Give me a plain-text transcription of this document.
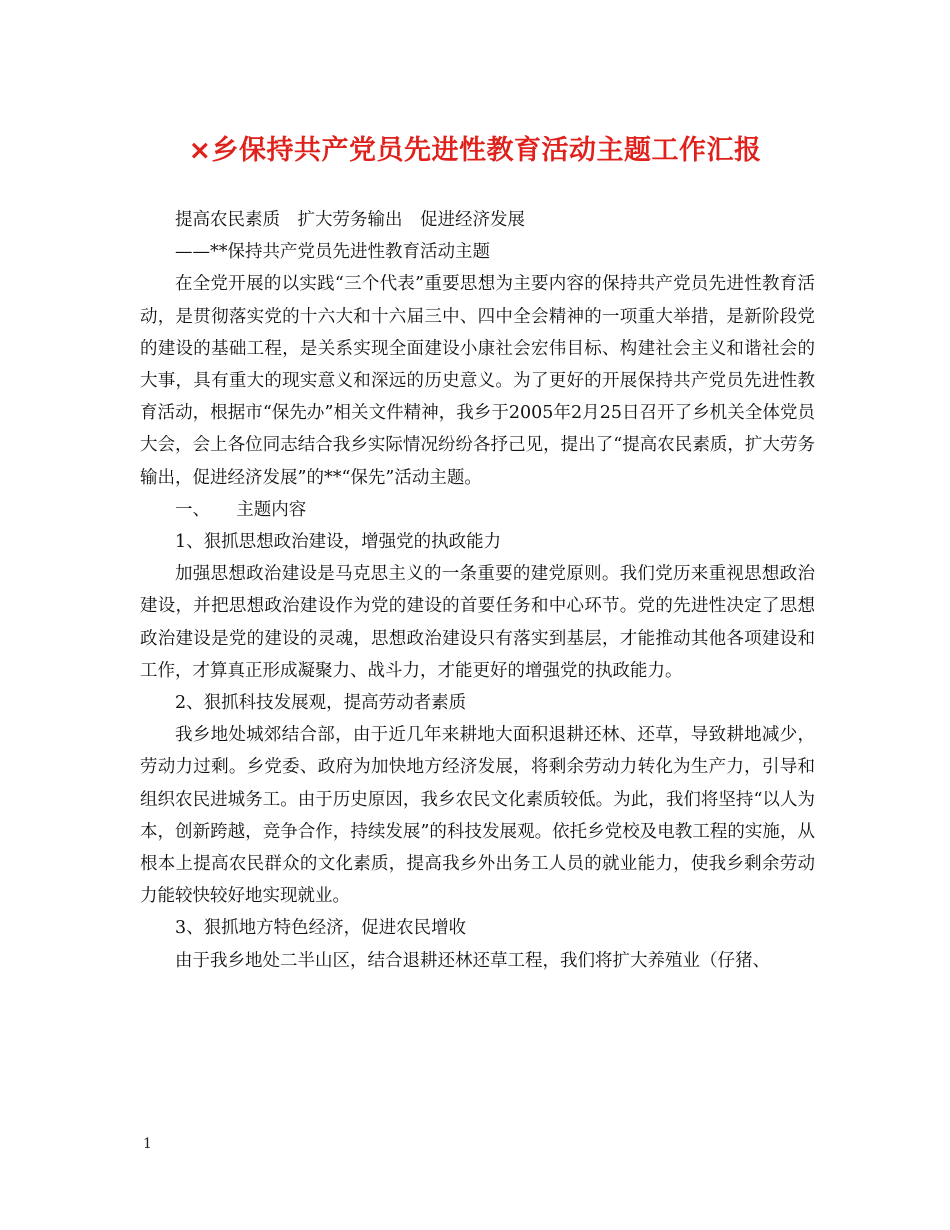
×乡保持共产党员先进性教育活动主题工作汇报

提高农民素质　扩大劳务输出　促进经济发展

——**保持共产党员先进性教育活动主题

在全党开展的以实践“三个代表”重要思想为主要内容的保持共产党员先进性教育活动，是贯彻落实党的十六大和十六届三中、四中全会精神的一项重大举措，是新阶段党的建设的基础工程，是关系实现全面建设小康社会宏伟目标、构建社会主义和谐社会的大事，具有重大的现实意义和深远的历史意义。为了更好的开展保持共产党员先进性教育活动，根据市“保先办”相关文件精神，我乡于2005年2月25日召开了乡机关全体党员大会，会上各位同志结合我乡实际情况纷纷各抒己见，提出了“提高农民素质，扩大劳务输出，促进经济发展”的**“保先”活动主题。

一、　　主题内容

1、狠抓思想政治建设，增强党的执政能力

加强思想政治建设是马克思主义的一条重要的建党原则。我们党历来重视思想政治建设，并把思想政治建设作为党的建设的首要任务和中心环节。党的先进性决定了思想政治建设是党的建设的灵魂，思想政治建设只有落实到基层，才能推动其他各项建设和工作，才算真正形成凝聚力、战斗力，才能更好的增强党的执政能力。

2、狠抓科技发展观，提高劳动者素质

我乡地处城郊结合部，由于近几年来耕地大面积退耕还林、还草，导致耕地减少，劳动力过剩。乡党委、政府为加快地方经济发展，将剩余劳动力转化为生产力，引导和组织农民进城务工。由于历史原因，我乡农民文化素质较低。为此，我们将坚持“以人为本，创新跨越，竞争合作，持续发展”的科技发展观。依托乡党校及电教工程的实施，从根本上提高农民群众的文化素质，提高我乡外出务工人员的就业能力，使我乡剩余劳动力能较快较好地实现就业。

3、狠抓地方特色经济，促进农民增收

由于我乡地处二半山区，结合退耕还林还草工程，我们将扩大养殖业（仔猪、

1
